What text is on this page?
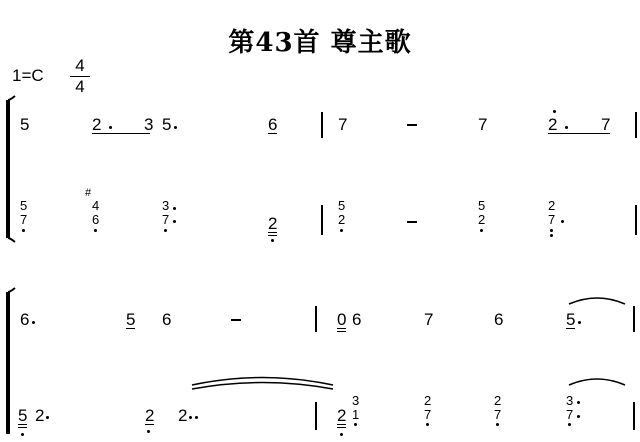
第43首 尊主歌
1=C
4
4
5	2	3 5	6	7	7	2	7
5
7
#
4
6
3
7	2
5
2
5
2
2
7
6	5 6	0 6	7	6	5
5 2	2 2	2
3
1
2
7
2
7
3
7
